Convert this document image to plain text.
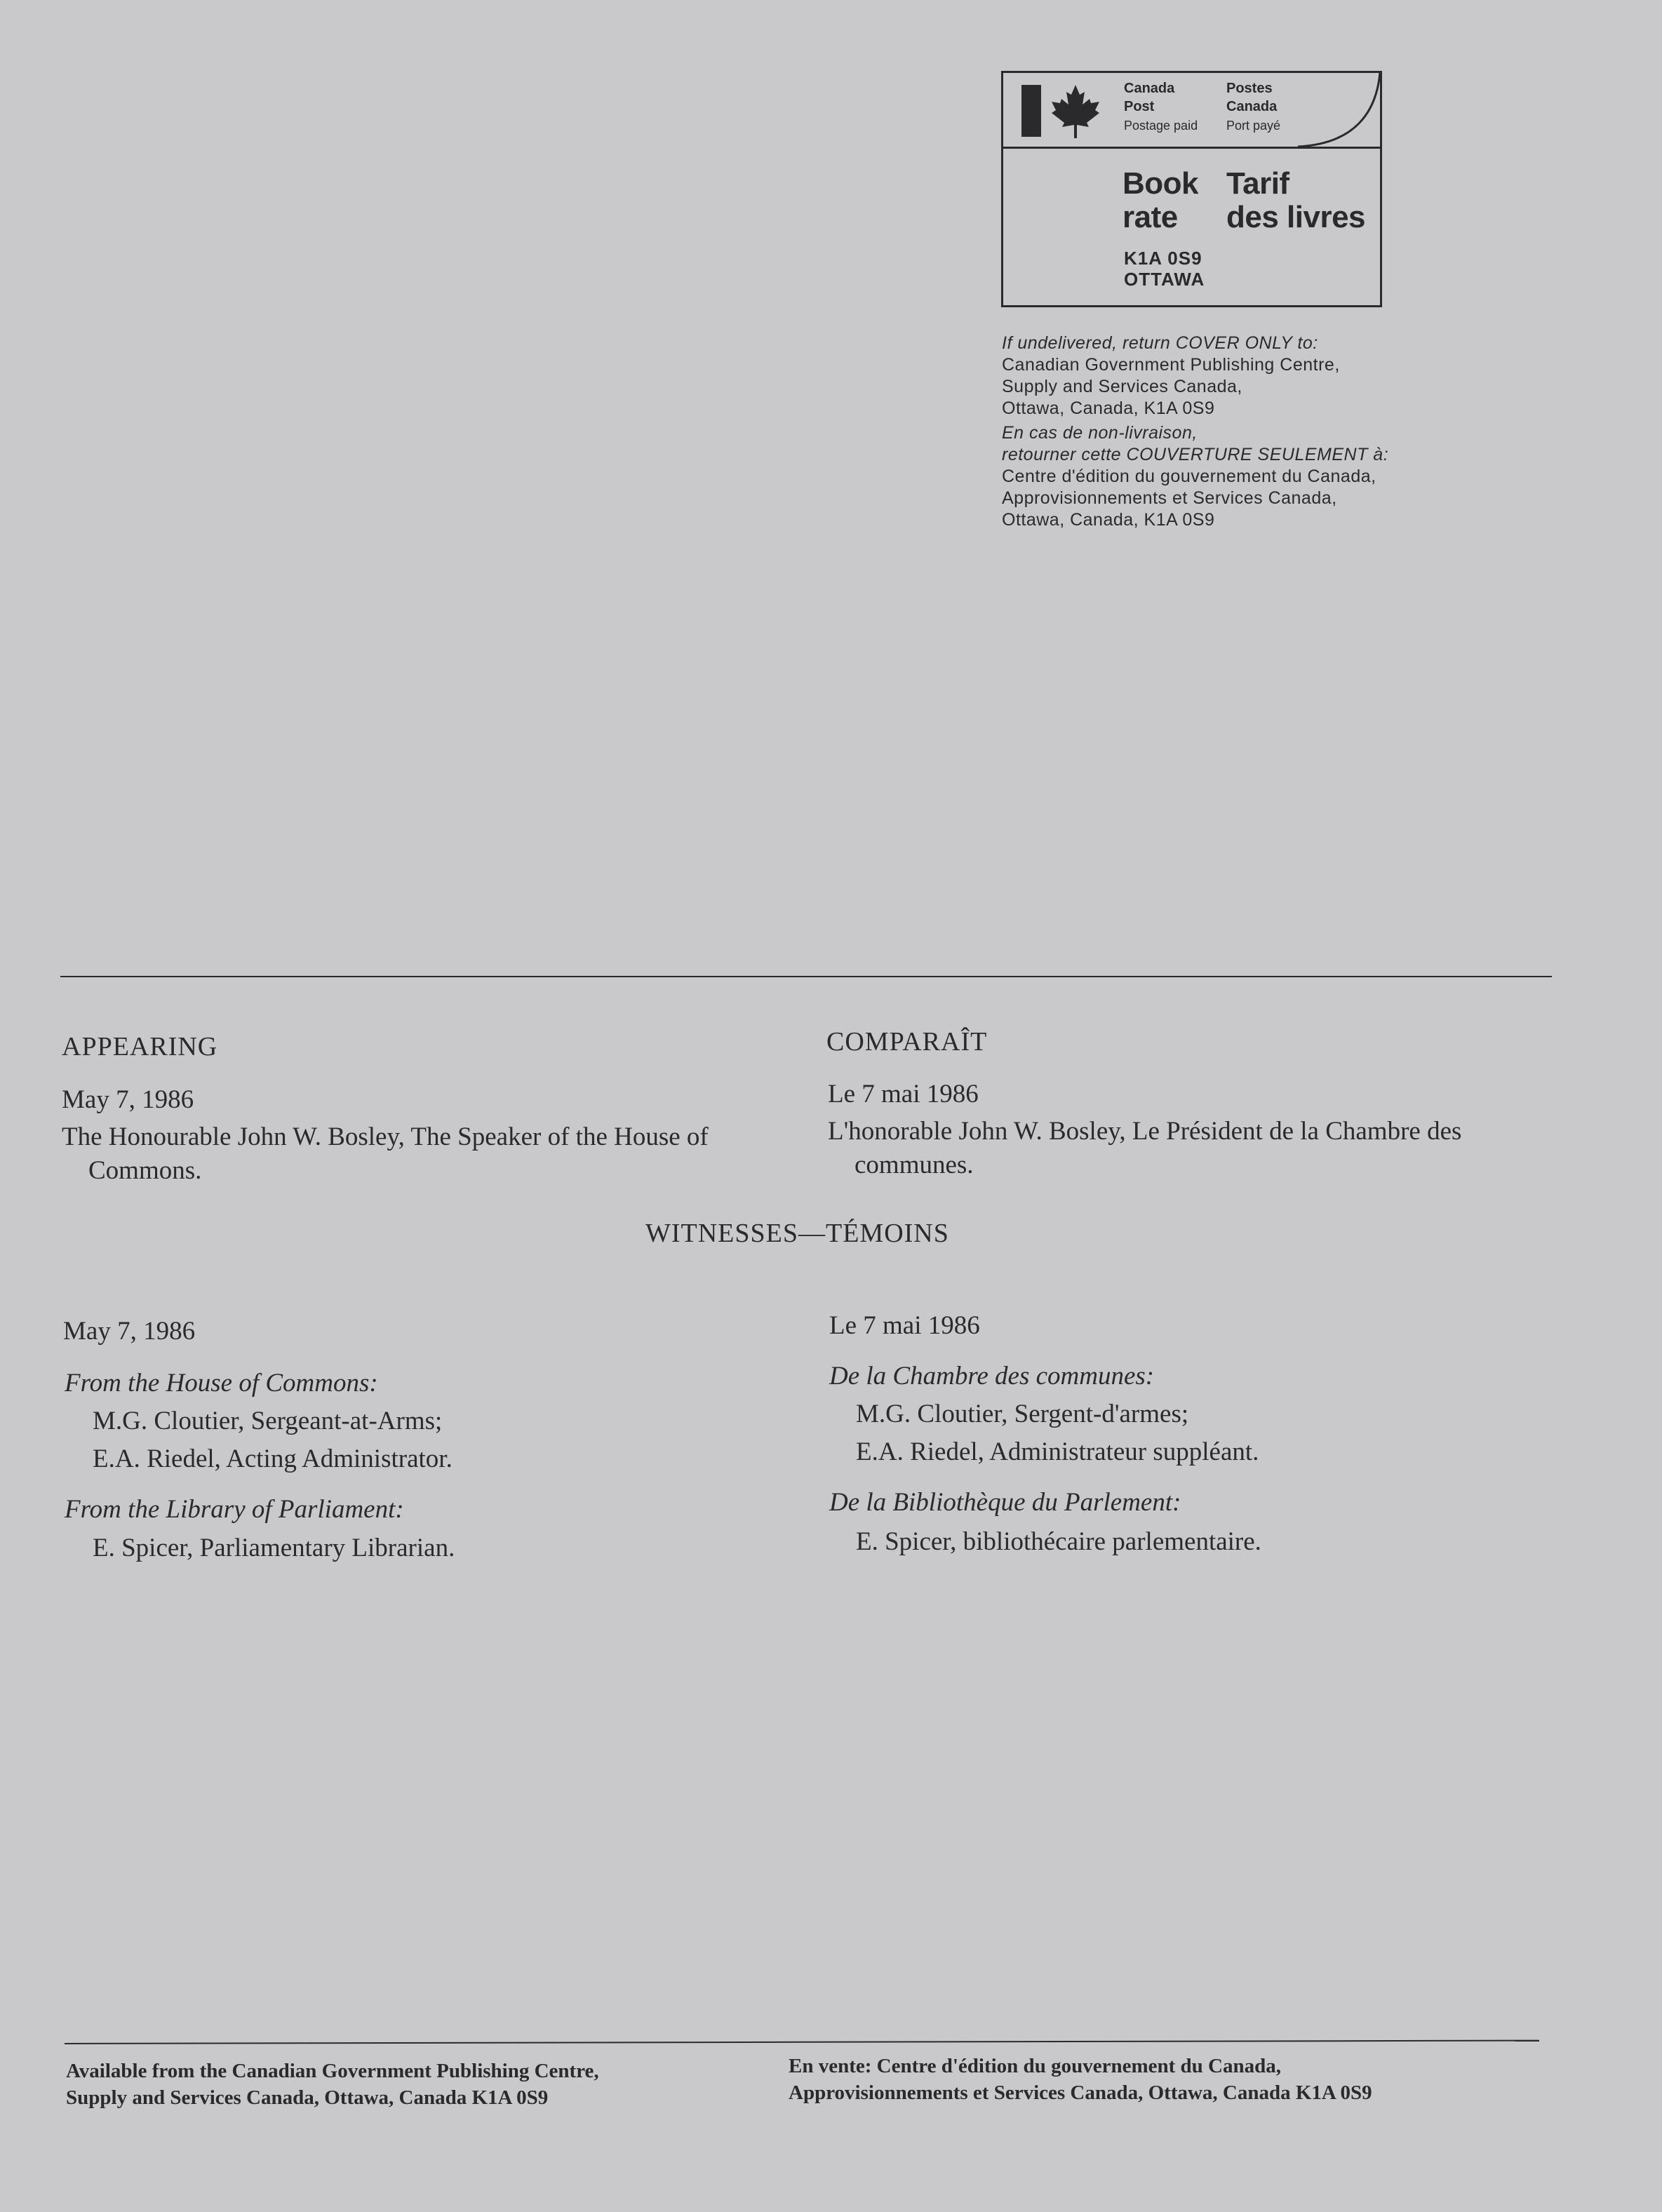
Canada
Post
Postage paid
Postes
Canada
Port payé
Book
rate
Tarif
des livres
K1A 0S9
OTTAWA
If undelivered, return COVER ONLY to:
Canadian Government Publishing Centre,
Supply and Services Canada,
Ottawa, Canada, K1A 0S9
En cas de non-livraison,
retourner cette COUVERTURE SEULEMENT à:
Centre d'édition du gouvernement du Canada,
Approvisionnements et Services Canada,
Ottawa, Canada, K1A 0S9
APPEARING
May 7, 1986
The Honourable John W. Bosley, The Speaker of the House of
Commons.
COMPARAÎT
Le 7 mai 1986
L'honorable John W. Bosley, Le Président de la Chambre des
communes.
WITNESSES—TÉMOINS
May 7, 1986
From the House of Commons:
M.G. Cloutier, Sergeant-at-Arms;
E.A. Riedel, Acting Administrator.
From the Library of Parliament:
E. Spicer, Parliamentary Librarian.
Le 7 mai 1986
De la Chambre des communes:
M.G. Cloutier, Sergent-d'armes;
E.A. Riedel, Administrateur suppléant.
De la Bibliothèque du Parlement:
E. Spicer, bibliothécaire parlementaire.
Available from the Canadian Government Publishing Centre,
Supply and Services Canada, Ottawa, Canada K1A 0S9
En vente: Centre d'édition du gouvernement du Canada,
Approvisionnements et Services Canada, Ottawa, Canada K1A 0S9
